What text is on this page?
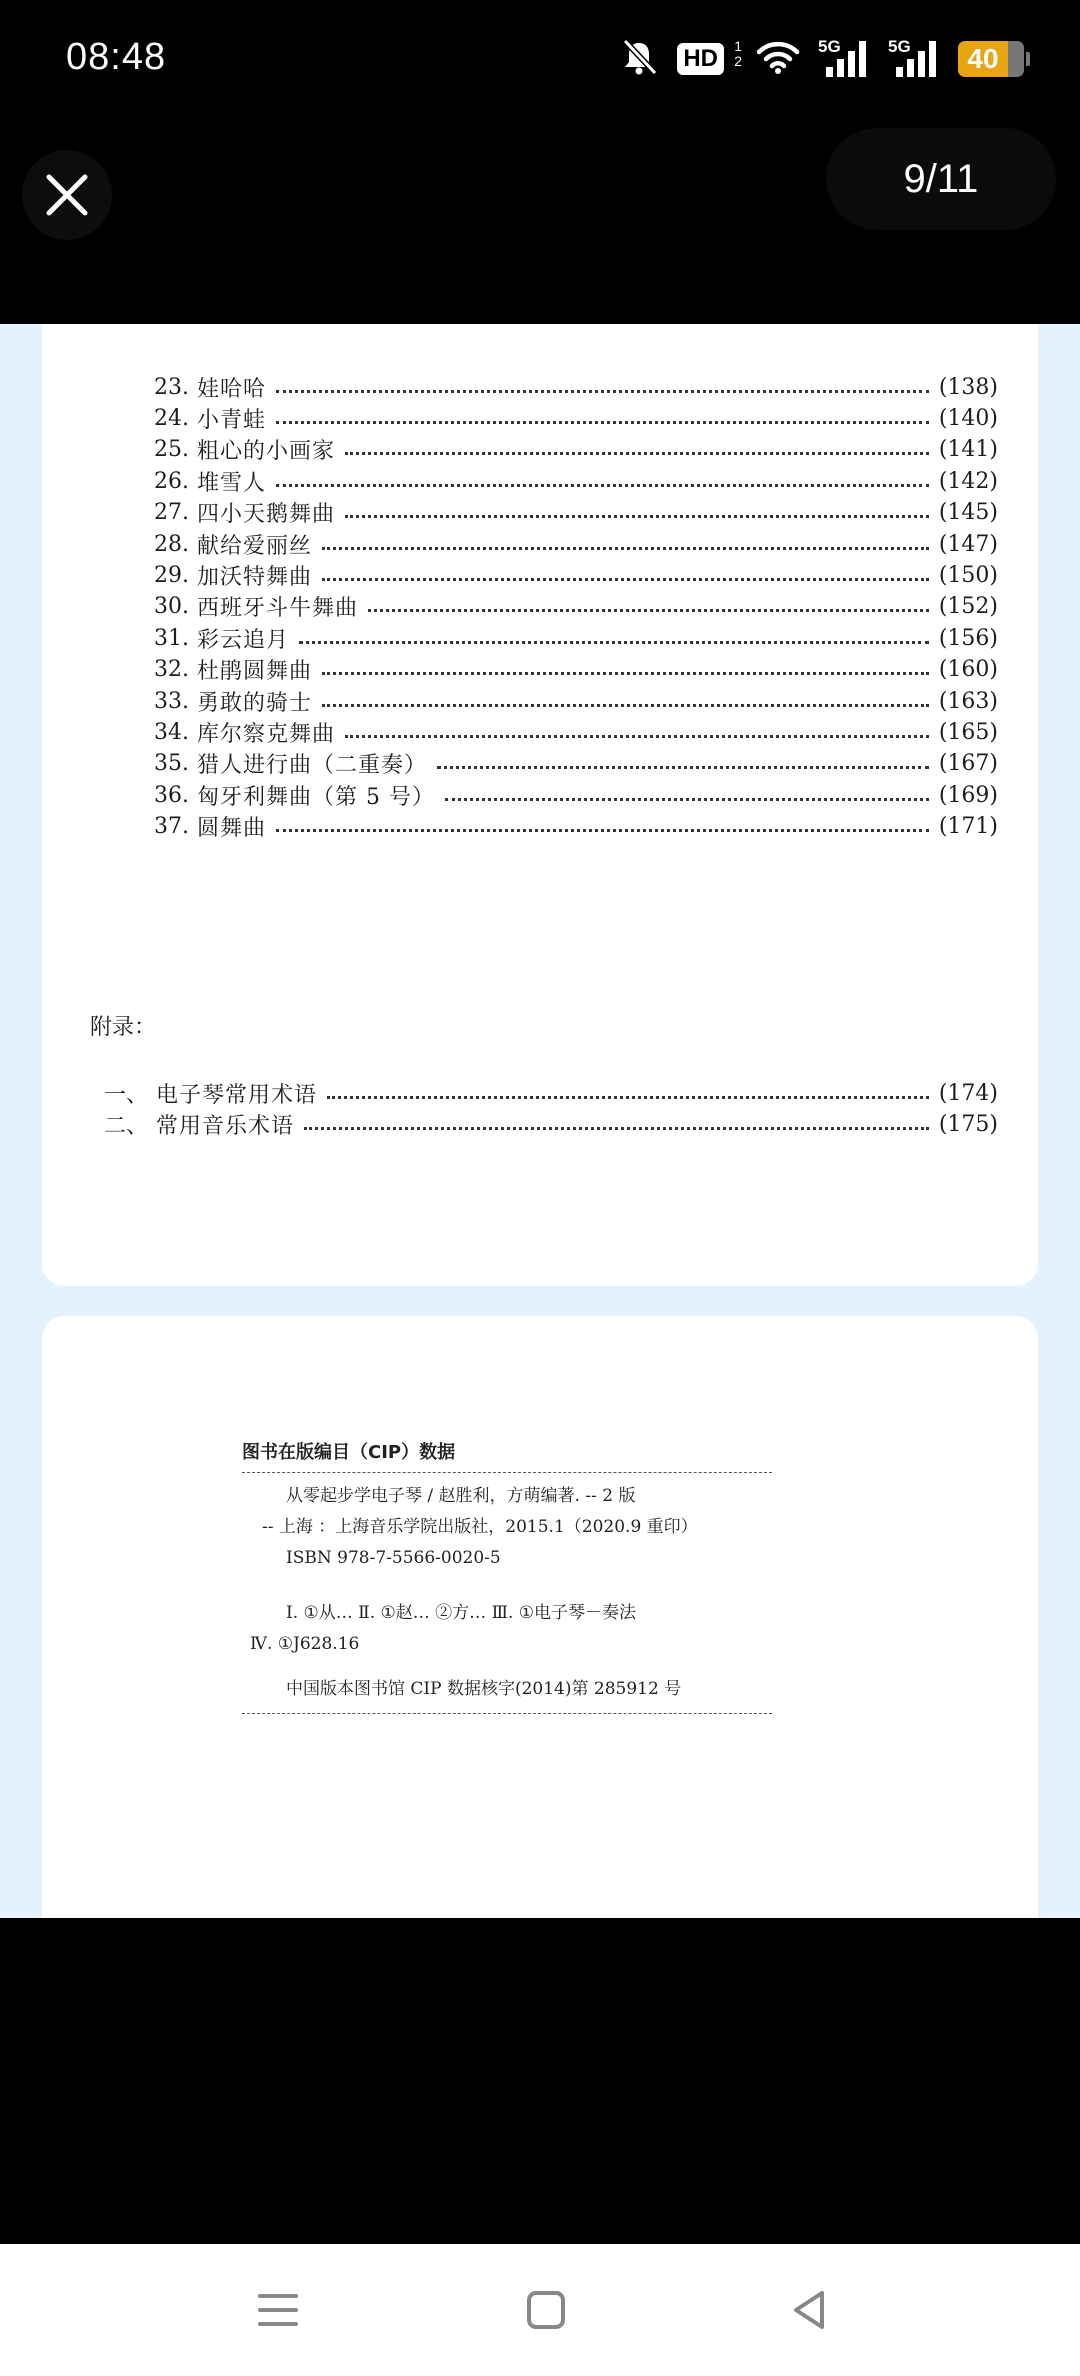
08:48	HD 1
2
5G	5G	40
9/11
23. 娃哈哈	(138)
24. 小青蛙	(140)
25. 粗心的小画家	(141)
26. 堆雪人	(142)
27. 四小天鹅舞曲	(145)
28. 献给爱丽丝	(147)
29. 加沃特舞曲	(150)
30. 西班牙斗牛舞曲	(152)
31. 彩云追月	(156)
32. 杜鹃圆舞曲	(160)
33. 勇敢的骑士	(163)
34. 库尔察克舞曲	(165)
35. 猎人进行曲（二重奏）	(167)
36. 匈牙利舞曲（第 5 号）	(169)
37. 圆舞曲	(171)
附录：
一、 电子琴常用术语	(174)
二、 常用音乐术语	(175)
图书在版编目（CIP）数据
从零起步学电子琴 / 赵胜利，方萌编著. -- 2 版
-- 上海 ：上海音乐学院出版社，2015.1（2020.9 重印）
ISBN 978-7-5566-0020-5
Ⅰ. ①从… Ⅱ. ①赵… ②方… Ⅲ. ①电子琴－奏法
Ⅳ. ①J628.16
中国版本图书馆 CIP 数据核字(2014)第 285912 号
